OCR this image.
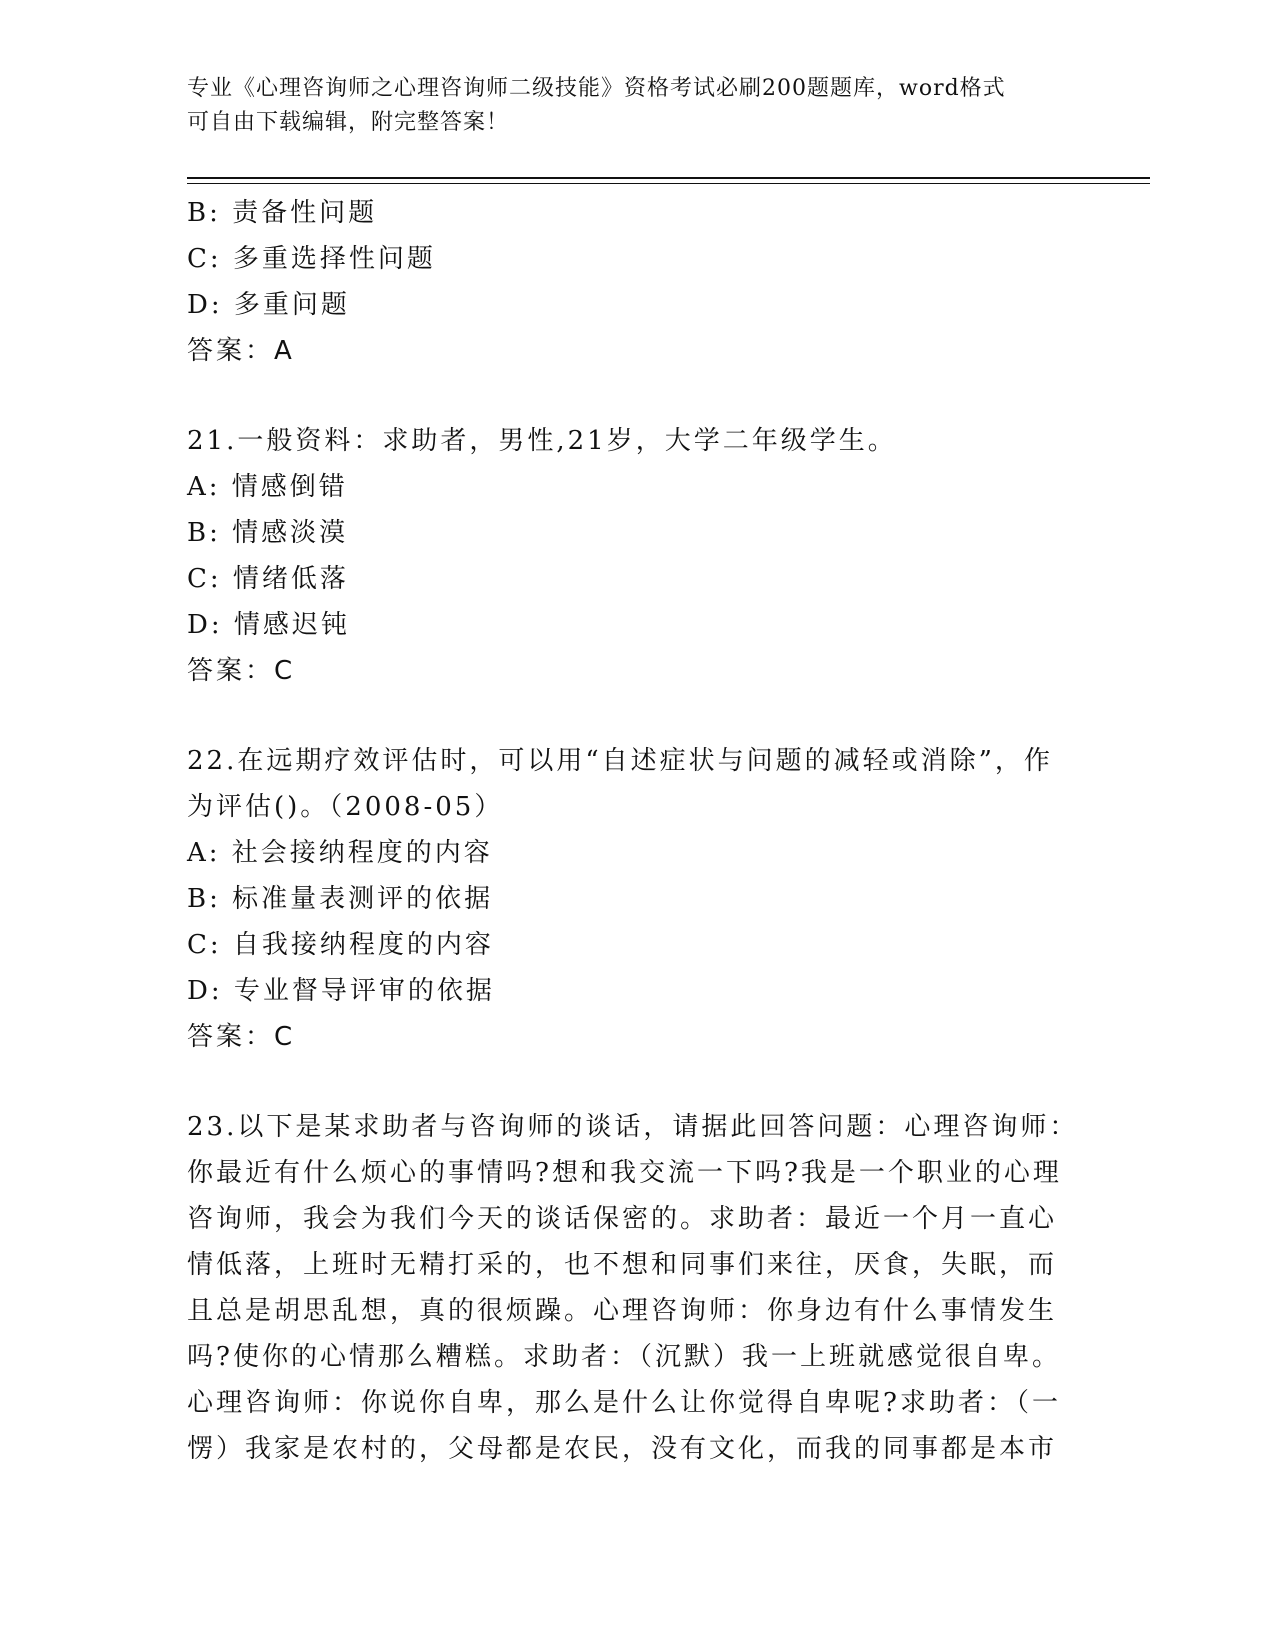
专业《心理咨询师之心理咨询师二级技能》资格考试必刷200题题库，word格式
可自由下载编辑，附完整答案！
B: 责备性问题
C: 多重选择性问题
D: 多重问题
答案：A
21.一般资料：求助者，男性,21岁，大学二年级学生。
A: 情感倒错
B: 情感淡漠
C: 情绪低落
D: 情感迟钝
答案：C
22.在远期疗效评估时，可以用“自述症状与问题的减轻或消除”，作
为评估()。（2008-05）
A: 社会接纳程度的内容
B: 标准量表测评的依据
C: 自我接纳程度的内容
D: 专业督导评审的依据
答案：C
23.以下是某求助者与咨询师的谈话，请据此回答问题：心理咨询师：
你最近有什么烦心的事情吗?想和我交流一下吗?我是一个职业的心理
咨询师，我会为我们今天的谈话保密的。求助者：最近一个月一直心
情低落，上班时无精打采的，也不想和同事们来往，厌食，失眠，而
且总是胡思乱想，真的很烦躁。心理咨询师：你身边有什么事情发生
吗?使你的心情那么糟糕。求助者：（沉默）我一上班就感觉很自卑。
心理咨询师：你说你自卑，那么是什么让你觉得自卑呢?求助者：（一
愣）我家是农村的，父母都是农民，没有文化，而我的同事都是本市
